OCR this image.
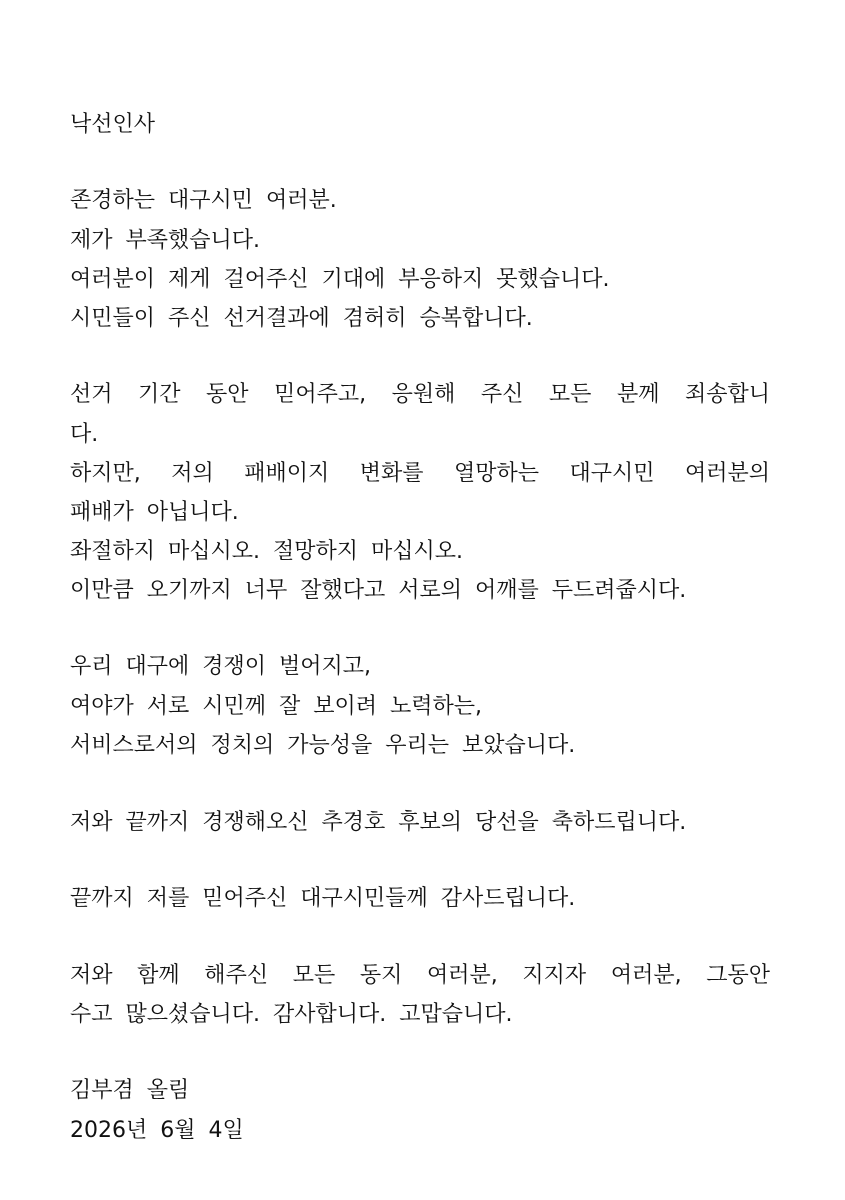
낙선인사
존경하는 대구시민 여러분.
제가 부족했습니다.
여러분이 제게 걸어주신 기대에 부응하지 못했습니다.
시민들이 주신 선거결과에 겸허히 승복합니다.
선거 기간 동안 믿어주고, 응원해 주신 모든 분께 죄송합니
다.
하지만, 저의 패배이지 변화를 열망하는 대구시민 여러분의
패배가 아닙니다.
좌절하지 마십시오. 절망하지 마십시오.
이만큼 오기까지 너무 잘했다고 서로의 어깨를 두드려줍시다.
우리 대구에 경쟁이 벌어지고,
여야가 서로 시민께 잘 보이려 노력하는,
서비스로서의 정치의 가능성을 우리는 보았습니다.
저와 끝까지 경쟁해오신 추경호 후보의 당선을 축하드립니다.
끝까지 저를 믿어주신 대구시민들께 감사드립니다.
저와 함께 해주신 모든 동지 여러분, 지지자 여러분, 그동안
수고 많으셨습니다. 감사합니다. 고맙습니다.
김부겸 올림
2026년 6월 4일
